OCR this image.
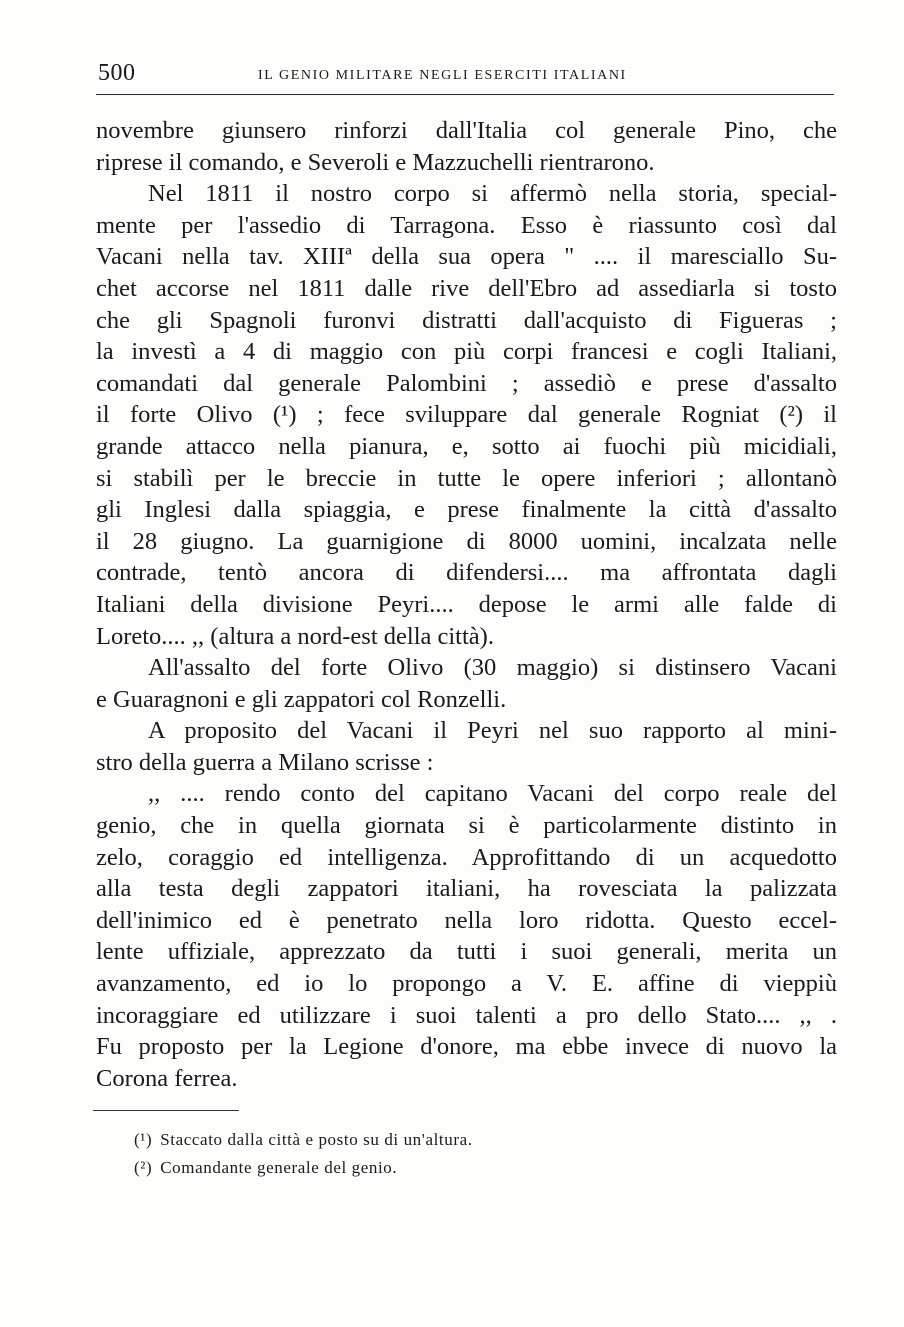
500	IL GENIO MILITARE NEGLI ESERCITI ITALIANI
novembre giunsero rinforzi dall'Italia col generale Pino, che
riprese il comando, e Severoli e Mazzuchelli rientrarono.
Nel 1811 il nostro corpo si affermò nella storia, special-
mente per l'assedio di Tarragona. Esso è riassunto così dal
Vacani nella tav. XIIIª della sua opera " .... il maresciallo Su-
chet accorse nel 1811 dalle rive dell'Ebro ad assediarla si tosto
che gli Spagnoli furonvi distratti dall'acquisto di Figueras ;
la investì a 4 di maggio con più corpi francesi e cogli Italiani,
comandati dal generale Palombini ; assediò e prese d'assalto
il forte Olivo (¹) ; fece sviluppare dal generale Rogniat (²) il
grande attacco nella pianura, e, sotto ai fuochi più micidiali,
si stabilì per le breccie in tutte le opere inferiori ; allontanò
gli Inglesi dalla spiaggia, e prese finalmente la città d'assalto
il 28 giugno. La guarnigione di 8000 uomini, incalzata nelle
contrade, tentò ancora di difendersi.... ma affrontata dagli
Italiani della divisione Peyri.... depose le armi alle falde di
Loreto.... ,, (altura a nord-est della città).
All'assalto del forte Olivo (30 maggio) si distinsero Vacani
e Guaragnoni e gli zappatori col Ronzelli.
A proposito del Vacani il Peyri nel suo rapporto al mini-
stro della guerra a Milano scrisse :
,, .... rendo conto del capitano Vacani del corpo reale del
genio, che in quella giornata si è particolarmente distinto in
zelo, coraggio ed intelligenza. Approfittando di un acquedotto
alla testa degli zappatori italiani, ha rovesciata la palizzata
dell'inimico ed è penetrato nella loro ridotta. Questo eccel-
lente uffiziale, apprezzato da tutti i suoi generali, merita un
avanzamento, ed io lo propongo a V. E. affine di vieppiù
incoraggiare ed utilizzare i suoi talenti a pro dello Stato.... ,, .
Fu proposto per la Legione d'onore, ma ebbe invece di nuovo la
Corona ferrea.
(¹) Staccato dalla città e posto su di un'altura.
(²) Comandante generale del genio.
